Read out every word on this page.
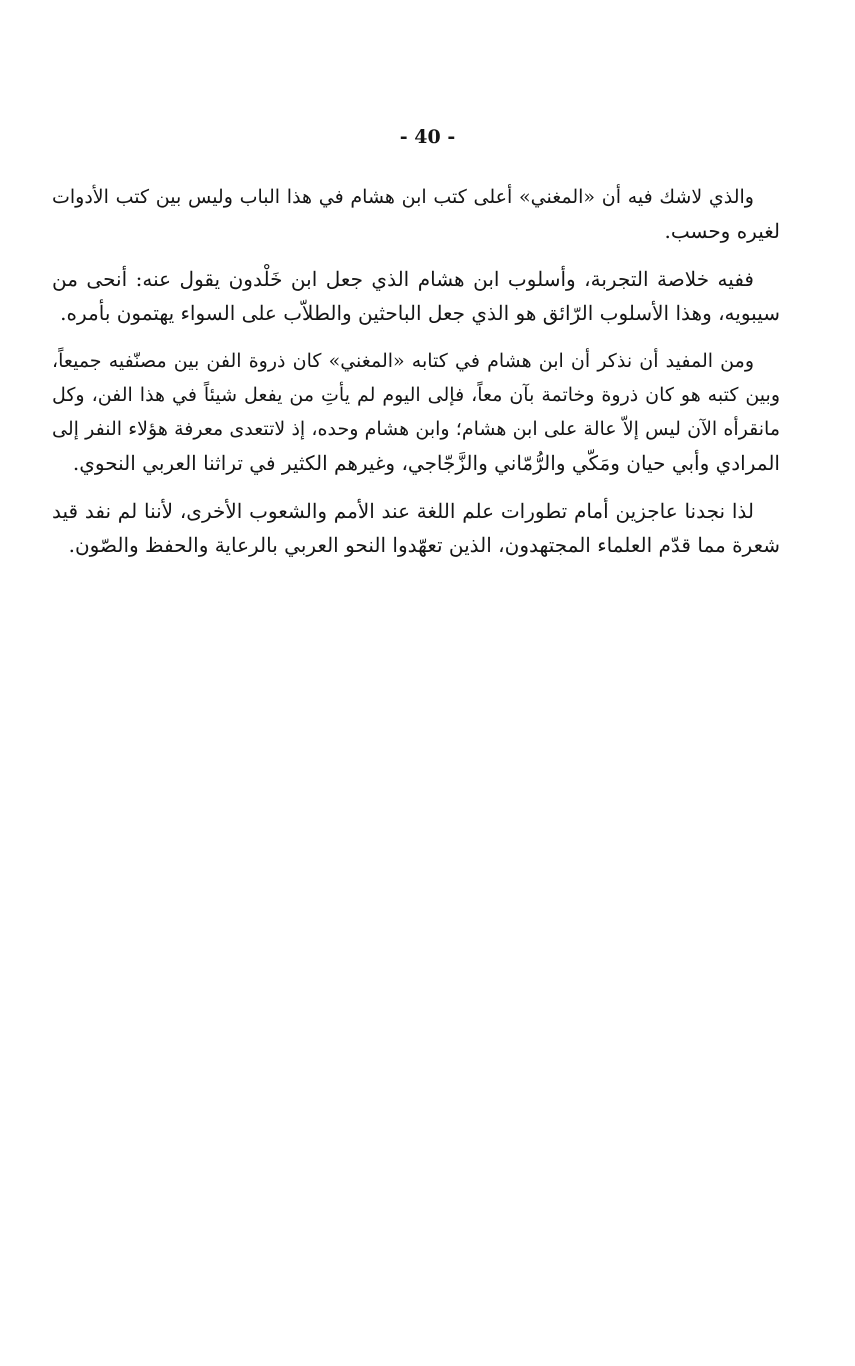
- 40 -

والذي لاشك فيه أن «المغني» أعلى كتب ابن هشام في هذا الباب وليس بين كتب الأدوات
لغيره وحسب.

ففيه خلاصة التجربة، وأسلوب ابن هشام الذي جعل ابن خَلْدون يقول عنه: أنحى من
سيبويه، وهذا الأسلوب الرّائق هو الذي جعل الباحثين والطلاّب على السواء يهتمون بأمره.

ومن المفيد أن نذكر أن ابن هشام في كتابه «المغني» كان ذروة الفن بين مصنّفيه جميعاً،
وبين كتبه هو كان ذروة وخاتمة بآن معاً، فإلى اليوم لم يأتِ من يفعل شيئاً في هذا الفن، وكل
مانقرأه الآن ليس إلاّ عالة على ابن هشام؛ وابن هشام وحده، إذ لاتتعدى معرفة هؤلاء النفر إلى
المرادي وأبي حيان ومَكّي والرُّمّاني والزَّجّاجي، وغيرهم الكثير في تراثنا العربي النحوي.

لذا نجدنا عاجزين أمام تطورات علم اللغة عند الأمم والشعوب الأخرى، لأننا لم نفد قيد
شعرة مما قدّم العلماء المجتهدون، الذين تعهّدوا النحو العربي بالرعاية والحفظ والصّون.
